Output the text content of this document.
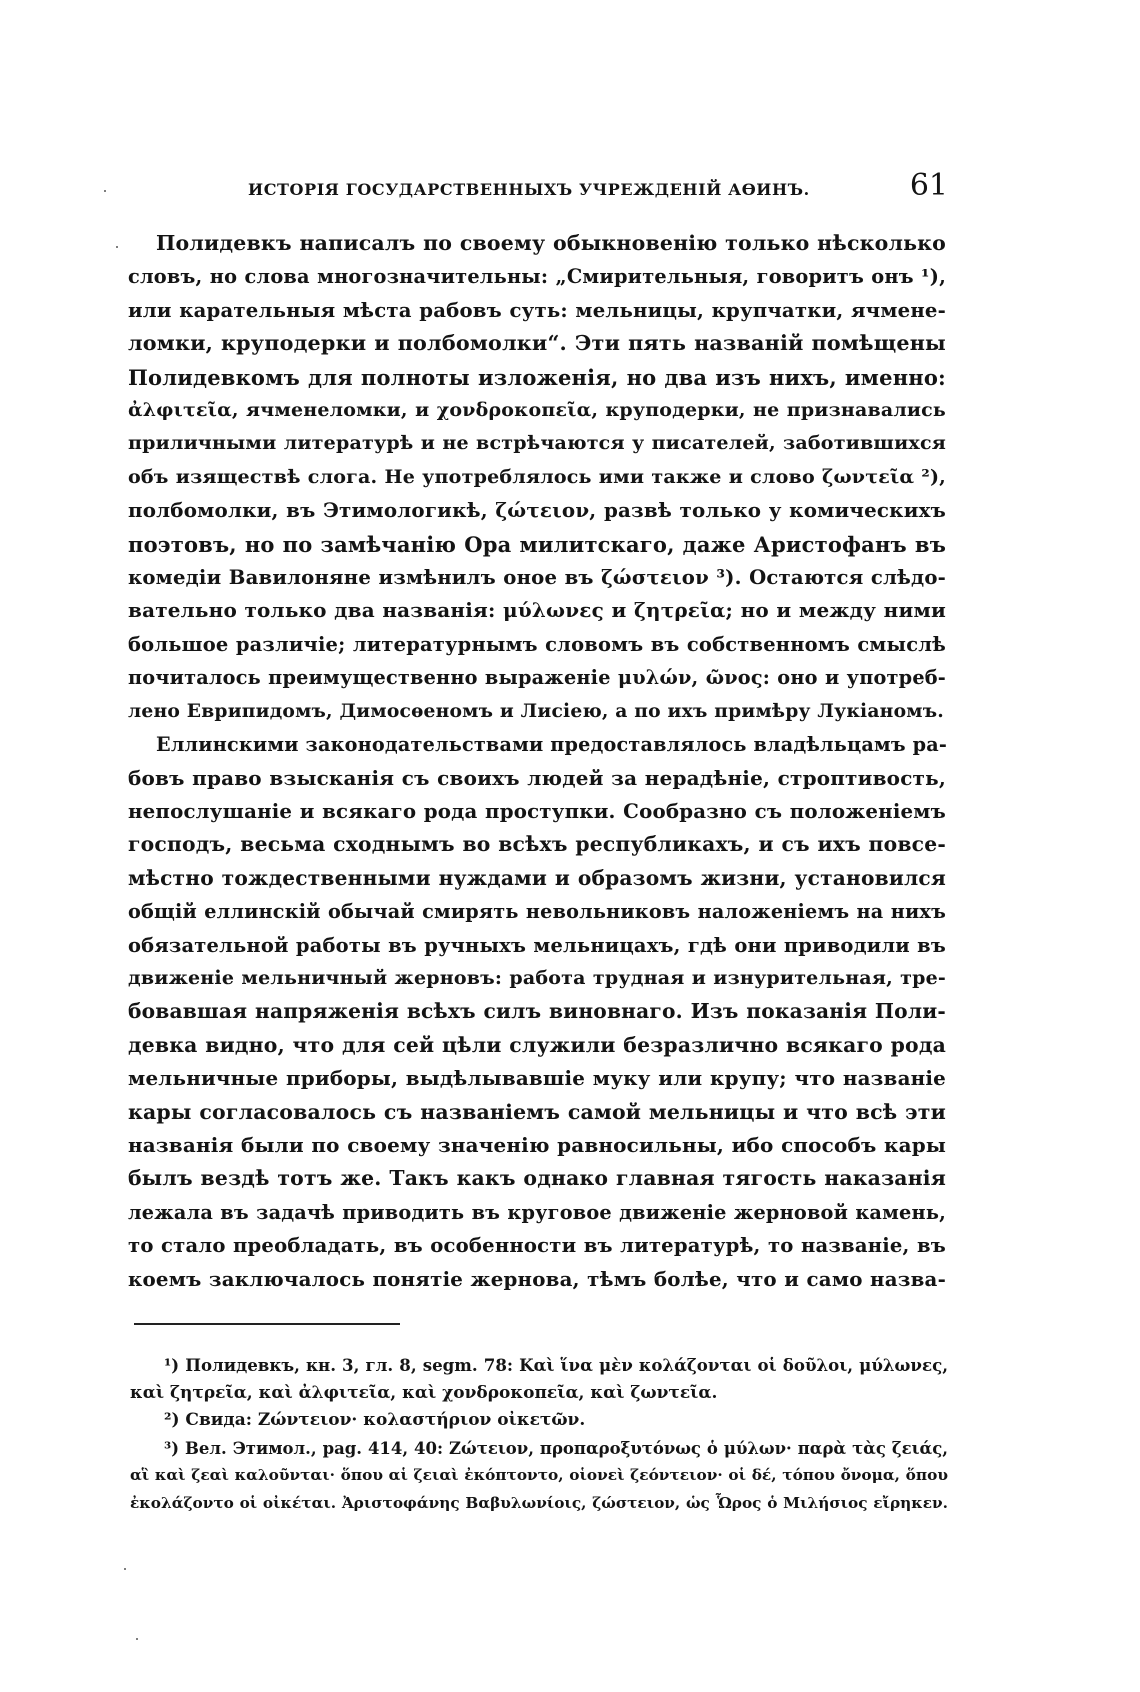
ИСТОРІЯ ГОСУДАРСТВЕННЫХЪ УЧРЕЖДЕНІЙ АѲИНЪ.	61
Полидевкъ написалъ по своему обыкновенію только нѣсколько
словъ, но слова многозначительны: „Смирительныя, говоритъ онъ ¹),
или карательныя мѣста рабовъ суть: мельницы, крупчатки, ячмене-
ломки, круподерки и полбомолки“. Эти пять названій помѣщены
Полидевкомъ для полноты изложенія, но два изъ нихъ, именно:
ἀλφιτεῖα, ячменеломки, и χονδροκοπεῖα, круподерки, не признавались
приличными литературѣ и не встрѣчаются у писателей, заботившихся
объ изяществѣ слога. Не употреблялось ими также и слово ζωντεῖα ²),
полбомолки, въ Этимологикѣ, ζώτειον, развѣ только у комическихъ
поэтовъ, но по замѣчанію Ора милитскаго, даже Аристофанъ въ
комедіи Вавилоняне измѣнилъ оное въ ζώστειον ³). Остаются слѣдо-
вательно только два названія: μύλωνες и ζητρεῖα; но и между ними
большое различіе; литературнымъ словомъ въ собственномъ смыслѣ
почиталось преимущественно выраженіе μυλών, ῶνος: оно и употреб-
лено Еврипидомъ, Димосѳеномъ и Лисіею, а по ихъ примѣру Лукіаномъ.
Еллинскими законодательствами предоставлялось владѣльцамъ ра-
бовъ право взысканія съ своихъ людей за нерадѣніе, строптивость,
непослушаніе и всякаго рода проступки. Сообразно съ положеніемъ
господъ, весьма сходнымъ во всѣхъ республикахъ, и съ ихъ повсе-
мѣстно тождественными нуждами и образомъ жизни, установился
общій еллинскій обычай смирять невольниковъ наложеніемъ на нихъ
обязательной работы въ ручныхъ мельницахъ, гдѣ они приводили въ
движеніе мельничный жерновъ: работа трудная и изнурительная, тре-
бовавшая напряженія всѣхъ силъ виновнаго. Изъ показанія Поли-
девка видно, что для сей цѣли служили безразлично всякаго рода
мельничные приборы, выдѣлывавшіе муку или крупу; что названіе
кары согласовалось съ названіемъ самой мельницы и что всѣ эти
названія были по своему значенію равносильны, ибо способъ кары
былъ вездѣ тотъ же. Такъ какъ однако главная тягость наказанія
лежала въ задачѣ приводить въ круговое движеніе жерновой камень,
то стало преобладать, въ особенности въ литературѣ, то названіе, въ
коемъ заключалось понятіе жернова, тѣмъ болѣе, что и само назва-
¹) Полидевкъ, кн. 3, гл. 8, segm. 78: Καὶ ἵνα μὲν κολάζονται οἱ δοῦλοι, μύλωνες,
καὶ ζητρεῖα, καὶ ἀλφιτεῖα, καὶ χονδροκοπεῖα, καὶ ζωντεῖα.
²) Свида: Ζώντειον· κολαστήριον οἰκετῶν.
³) Вел. Этимол., pag. 414, 40: Ζώτειον, προπαροξυτόνως ὁ μύλων· παρὰ τὰς ζειάς,
αἳ καὶ ζεαὶ καλοῦνται· ὅπου αἱ ζειαὶ ἐκόπτοντο, οἱονεὶ ζεόντειον· οἱ δέ, τόπου ὄνομα, ὅπου
ἐκολάζοντο οἱ οἰκέται. Ἀριστοφάνης Βαβυλωνίοις, ζώστειον, ὡς Ὧρος ὁ Μιλήσιος εἴρηκεν.
